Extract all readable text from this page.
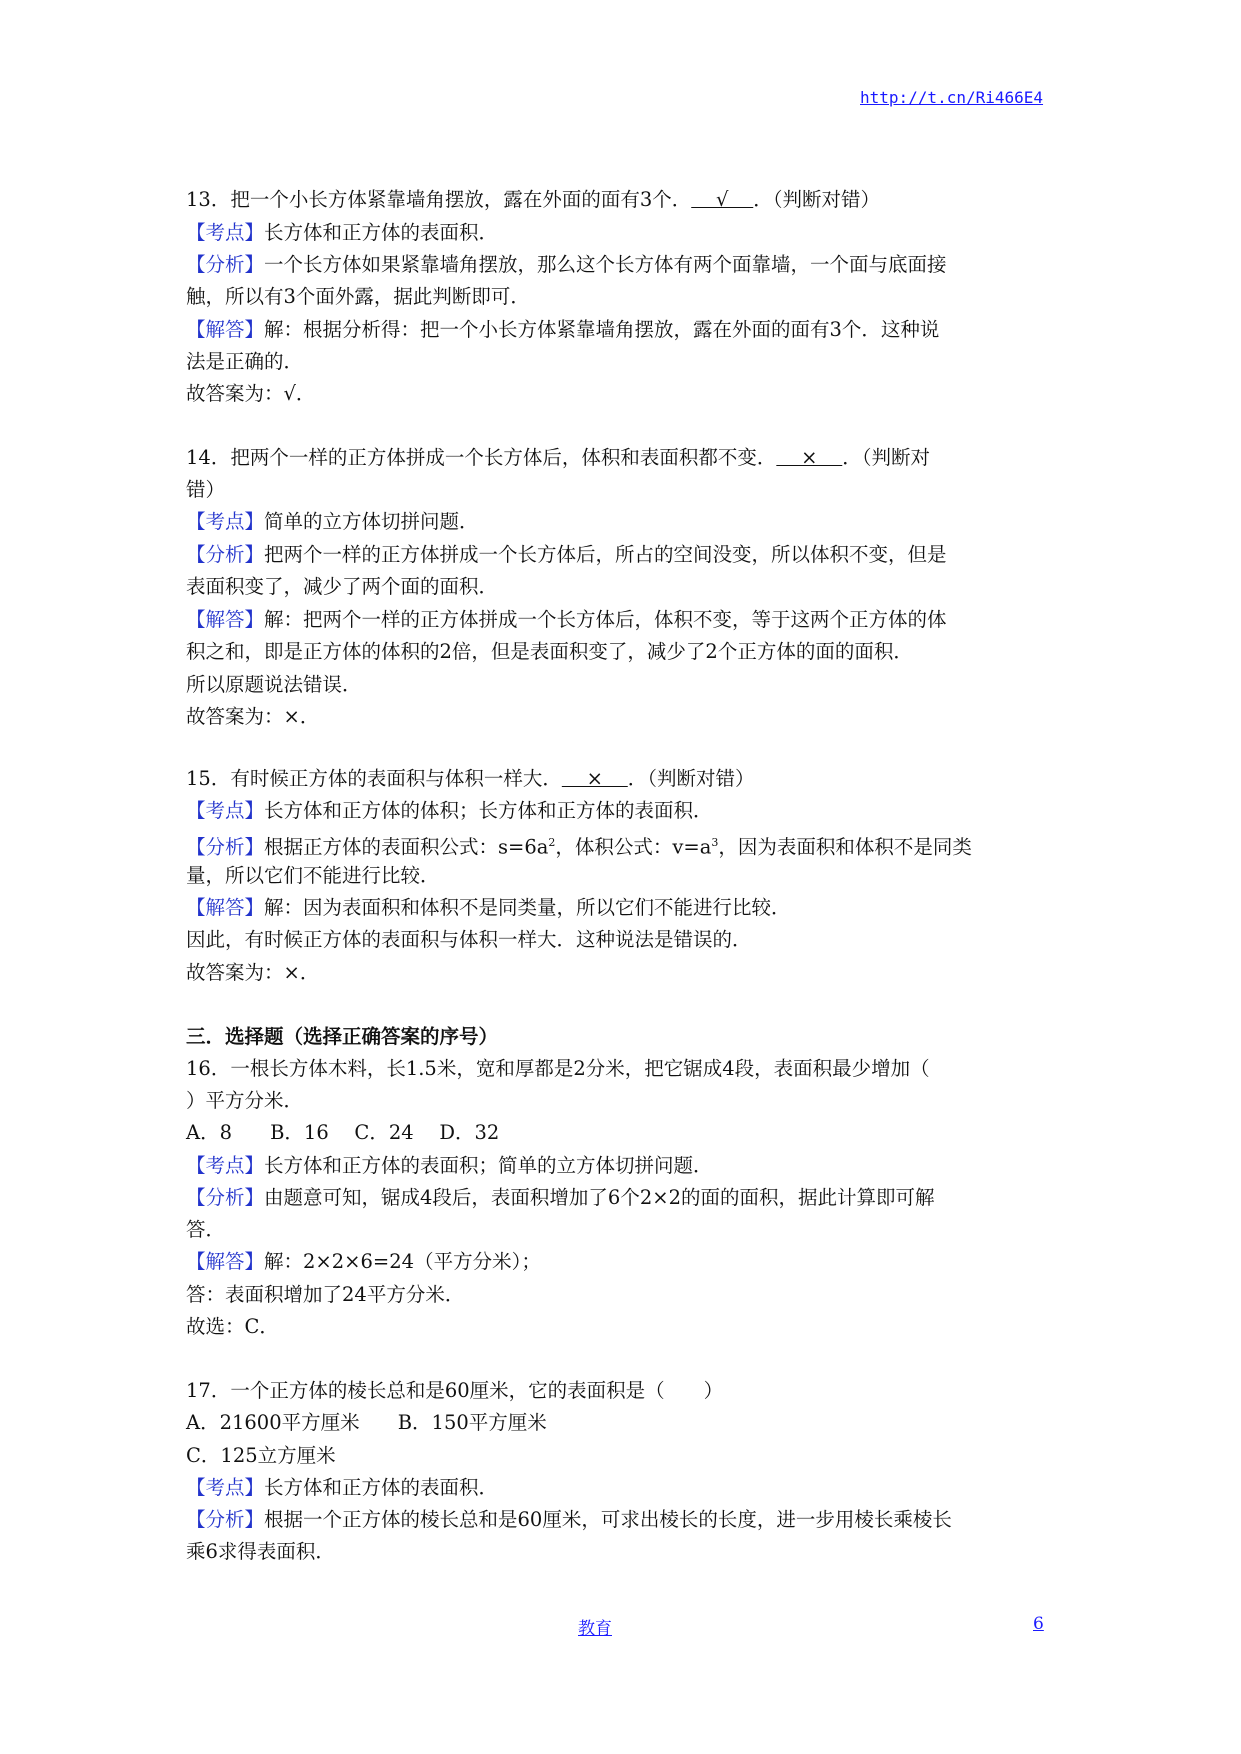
http://t.cn/Ri466E4
13．把一个小长方体紧靠墙角摆放，露在外面的面有3个．    √    ．（判断对错）
【考点】长方体和正方体的表面积．
【分析】一个长方体如果紧靠墙角摆放，那么这个长方体有两个面靠墙，一个面与底面接
触，所以有3个面外露，据此判断即可．
【解答】解：根据分析得：把一个小长方体紧靠墙角摆放，露在外面的面有3个．这种说
法是正确的．
故答案为：√．
14．把两个一样的正方体拼成一个长方体后，体积和表面积都不变．    ×    ．（判断对
错）
【考点】简单的立方体切拼问题．
【分析】把两个一样的正方体拼成一个长方体后，所占的空间没变，所以体积不变，但是
表面积变了，减少了两个面的面积．
【解答】解：把两个一样的正方体拼成一个长方体后，体积不变，等于这两个正方体的体
积之和，即是正方体的体积的2倍，但是表面积变了，减少了2个正方体的面的面积．
所以原题说法错误．
故答案为：×．
15．有时候正方体的表面积与体积一样大．    ×    ．（判断对错）
【考点】长方体和正方体的体积；长方体和正方体的表面积．
【分析】根据正方体的表面积公式：$s=6a^2$，体积公式：$v=a^3$，因为表面积和体积不是同类
量，所以它们不能进行比较．
【解答】解：因为表面积和体积不是同类量，所以它们不能进行比较．
因此，有时候正方体的表面积与体积一样大．这种说法是错误的．
故答案为：×．
三．选择题（选择正确答案的序号）
16．一根长方体木料，长1.5米，宽和厚都是2分米，把它锯成4段，表面积最少增加（
）平方分米．
A．8　   B．16　 C．24　 D．32
【考点】长方体和正方体的表面积；简单的立方体切拼问题．
【分析】由题意可知，锯成4段后，表面积增加了6个2×2的面的面积，据此计算即可解
答．
【解答】解：2×2×6=24（平方分米）；
答：表面积增加了24平方分米．
故选：C．
17．一个正方体的棱长总和是60厘米，它的表面积是（　　）
A．21600平方厘米　   B．150平方厘米
C．125立方厘米
【考点】长方体和正方体的表面积．
【分析】根据一个正方体的棱长总和是60厘米，可求出棱长的长度，进一步用棱长乘棱长
乘6求得表面积．
教育	6
